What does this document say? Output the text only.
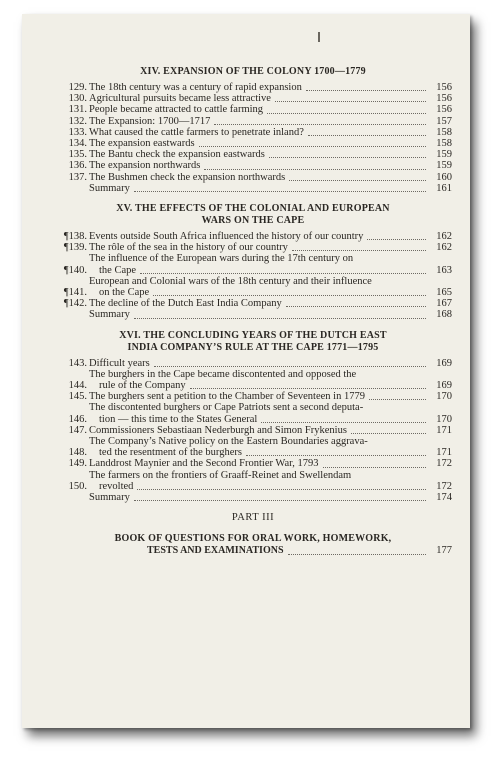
XIV. EXPANSION OF THE COLONY 1700—1779
129. The 18th century was a century of rapid expansion	156
130. Agricultural pursuits became less attractive	156
131. People became attracted to cattle farming	156
132. The Expansion: 1700—1717	157
133. What caused the cattle farmers to penetrate inland?	158
134. The expansion eastwards	158
135. The Bantu check the expansion eastwards	159
136. The expansion northwards	159
137. The Bushmen check the expansion northwards	160
Summary	161
XV. THE EFFECTS OF THE COLONIAL AND EUROPEAN
WARS ON THE CAPE
¶138. Events outside South Africa influenced the history of our country	162
¶139. The rôle of the sea in the history of our country	162
¶140.
The influence of the European wars during the 17th century on
the Cape	163
¶141.
European and Colonial wars of the 18th century and their influence
on the Cape	165
¶142. The decline of the Dutch East India Company	167
Summary	168
XVI. THE CONCLUDING YEARS OF THE DUTCH EAST
INDIA COMPANY’S RULE AT THE CAPE 1771—1795
143. Difficult years	169
144.
The burghers in the Cape became discontented and opposed the
rule of the Company	169
145. The burghers sent a petition to the Chamber of Seventeen in 1779	170
146.
The discontented burghers or Cape Patriots sent a second deputa-
tion — this time to the States General	170
147. Commissioners Sebastiaan Nederburgh and Simon Frykenius	171
148.
The Company’s Native policy on the Eastern Boundaries aggrava-
ted the resentment of the burghers	171
149. Landdrost Maynier and the Second Frontier War, 1793	172
150.
The farmers on the frontiers of Graaff-Reinet and Swellendam
revolted	172
Summary	174
PART III
BOOK OF QUESTIONS FOR ORAL WORK, HOMEWORK,
TESTS AND EXAMINATIONS	177
